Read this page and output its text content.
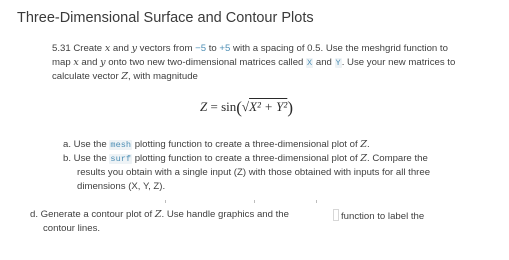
Three-Dimensional Surface and Contour Plots
5.31 Create x and y vectors from −5 to +5 with a spacing of 0.5. Use the meshgrid function to
map x and y onto two new two-dimensional matrices called X and Y. Use your new matrices to
calculate vector Z, with magnitude
Z = sin(√X² + Y²)
a. Use the mesh plotting function to create a three-dimensional plot of Z.
b. Use the surf plotting function to create a three-dimensional plot of Z. Compare the
results you obtain with a single input (Z) with those obtained with inputs for all three
dimensions (X, Y, Z).
d. Generate a contour plot of Z. Use handle graphics and the	function to label the
contour lines.
